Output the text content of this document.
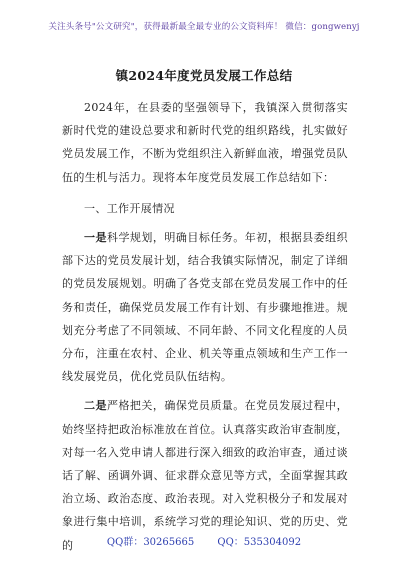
关注头条号"公文研究"，获得最新最全最专业的公文资料库！ 微信：gongwenyj
镇2024年度党员发展工作总结

2024年，在县委的坚强领导下，我镇深入贯彻落实新时代党的建设总要求和新时代党的组织路线，扎实做好党员发展工作，不断为党组织注入新鲜血液，增强党员队伍的生机与活力。现将本年度党员发展工作总结如下：

一、工作开展情况

一是科学规划，明确目标任务。年初，根据县委组织部下达的党员发展计划，结合我镇实际情况，制定了详细的党员发展规划。明确了各党支部在党员发展工作中的任务和责任，确保党员发展工作有计划、有步骤地推进。规划充分考虑了不同领域、不同年龄、不同文化程度的人员分布，注重在农村、企业、机关等重点领域和生产工作一线发展党员，优化党员队伍结构。

二是严格把关，确保党员质量。在党员发展过程中，始终坚持把政治标准放在首位。认真落实政治审查制度，对每一名入党申请人都进行深入细致的政治审查，通过谈话了解、函调外调、征求群众意见等方式，全面掌握其政治立场、政治态度、政治表现。对入党积极分子和发展对象进行集中培训，系统学习党的理论知识、党的历史、党的	QQ群：30265665 QQ：535304092
